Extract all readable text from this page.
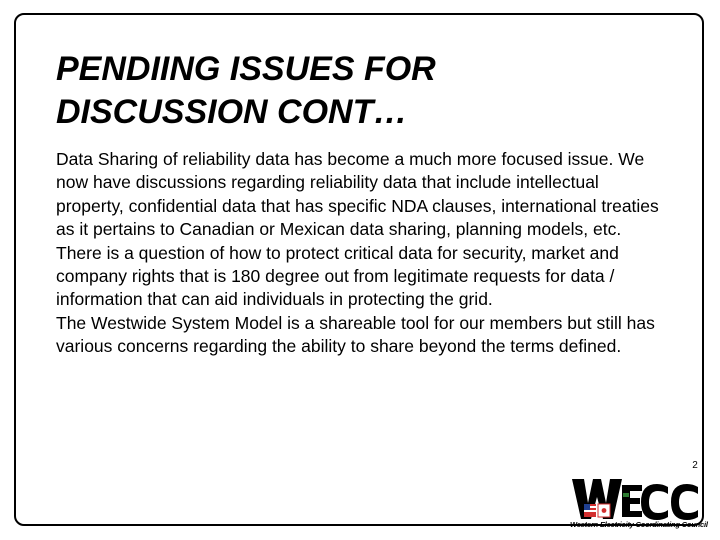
PENDIING ISSUES FOR
DISCUSSION CONT…

Data Sharing of reliability data has become a much more focused issue. We now have discussions regarding reliability data that include intellectual property, confidential data that has specific NDA clauses, international treaties as it pertains to Canadian or Mexican data sharing, planning models, etc.

There is a question of how to protect critical data for security, market and company rights that is 180 degree out from legitimate requests for data / information that can aid individuals in protecting the grid.

The Westwide System Model is a shareable tool for our members but still has various concerns regarding the ability to share beyond the terms defined.

2
Western Electricity Coordinating Council
